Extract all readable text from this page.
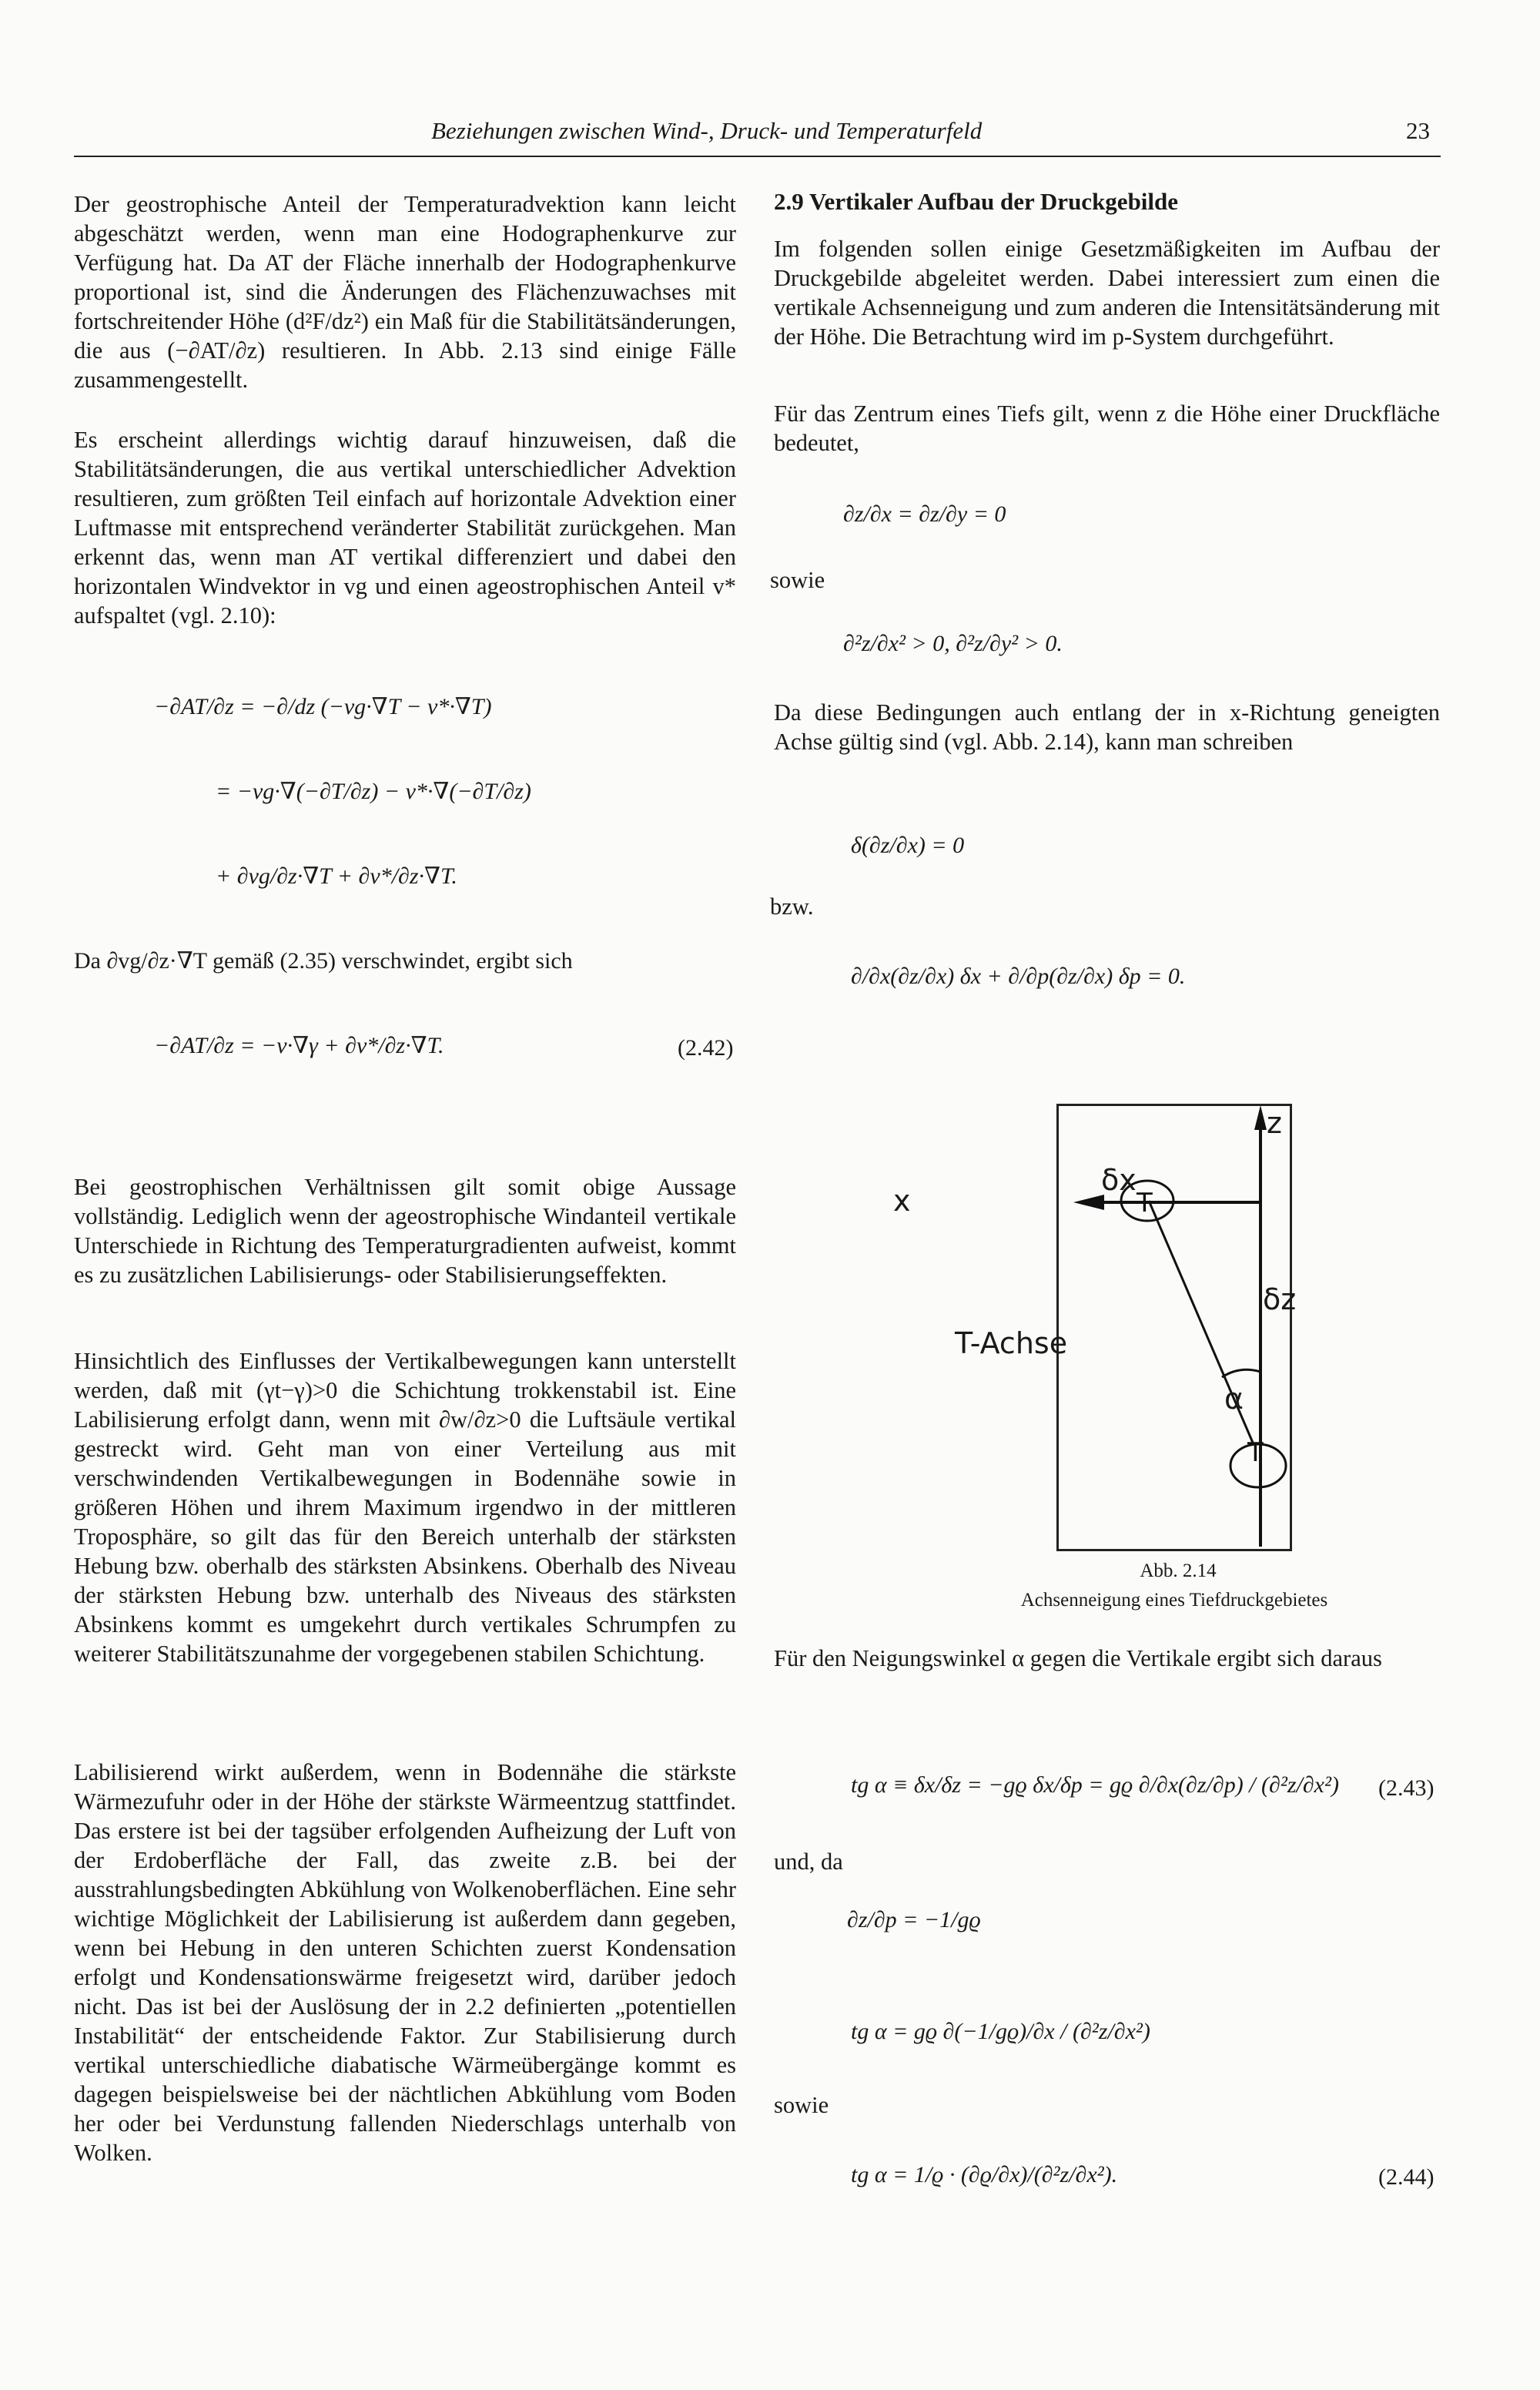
Beziehungen zwischen Wind-, Druck- und Temperaturfeld	23

Der geostrophische Anteil der Temperaturadvektion kann leicht abgeschätzt werden, wenn man eine Hodographenkurve zur Verfügung hat. Da AT der Fläche innerhalb der Hodographenkurve proportional ist, sind die Änderungen des Flächenzuwachses mit fortschreitender Höhe (d²F/dz²) ein Maß für die Stabilitätsänderungen, die aus (−∂AT/∂z) resultieren. In Abb. 2.13 sind einige Fälle zusammengestellt.

Es erscheint allerdings wichtig darauf hinzuweisen, daß die Stabilitätsänderungen, die aus vertikal unterschiedlicher Advektion resultieren, zum größten Teil einfach auf horizontale Advektion einer Luftmasse mit entsprechend veränderter Stabilität zurückgehen. Man erkennt das, wenn man AT vertikal differenziert und dabei den horizontalen Windvektor in vg und einen ageostrophischen Anteil v* aufspaltet (vgl. 2.10):

−∂AT/∂z = −∂/dz (−vg·∇T − v*·∇T)
= −vg·∇(−∂T/∂z) − v*·∇(−∂T/∂z)
+ ∂vg/∂z·∇T + ∂v*/∂z·∇T.
Da ∂vg/∂z·∇T gemäß (2.35) verschwindet, ergibt sich
−∂AT/∂z = −v·∇γ + ∂v*/∂z·∇T.	(2.42)

Bei geostrophischen Verhältnissen gilt somit obige Aussage vollständig. Lediglich wenn der ageostrophische Windanteil vertikale Unterschiede in Richtung des Temperaturgradienten aufweist, kommt es zu zusätzlichen Labilisierungs- oder Stabilisierungseffekten.

Hinsichtlich des Einflusses der Vertikalbewegungen kann unterstellt werden, daß mit (γt−γ)>0 die Schichtung trokkenstabil ist. Eine Labilisierung erfolgt dann, wenn mit ∂w/∂z>0 die Luftsäule vertikal gestreckt wird. Geht man von einer Verteilung aus mit verschwindenden Vertikalbewegungen in Bodennähe sowie in größeren Höhen und ihrem Maximum irgendwo in der mittleren Troposphäre, so gilt das für den Bereich unterhalb der stärksten Hebung bzw. oberhalb des stärksten Absinkens. Oberhalb des Niveau der stärksten Hebung bzw. unterhalb des Niveaus des stärksten Absinkens kommt es umgekehrt durch vertikales Schrumpfen zu weiterer Stabilitätszunahme der vorgegebenen stabilen Schichtung.

Labilisierend wirkt außerdem, wenn in Bodennähe die stärkste Wärmezufuhr oder in der Höhe der stärkste Wärmeentzug stattfindet. Das erstere ist bei der tagsüber erfolgenden Aufheizung der Luft von der Erdoberfläche der Fall, das zweite z.B. bei der ausstrahlungsbedingten Abkühlung von Wolkenoberflächen. Eine sehr wichtige Möglichkeit der Labilisierung ist außerdem dann gegeben, wenn bei Hebung in den unteren Schichten zuerst Kondensation erfolgt und Kondensationswärme freigesetzt wird, darüber jedoch nicht. Das ist bei der Auslösung der in 2.2 definierten „potentiellen Instabilität“ der entscheidende Faktor. Zur Stabilisierung durch vertikal unterschiedliche diabatische Wärmeübergänge kommt es dagegen beispielsweise bei der nächtlichen Abkühlung vom Boden her oder bei Verdunstung fallenden Niederschlags unterhalb von Wolken.

2.9 Vertikaler Aufbau der Druckgebilde

Im folgenden sollen einige Gesetzmäßigkeiten im Aufbau der Druckgebilde abgeleitet werden. Dabei interessiert zum einen die vertikale Achsenneigung und zum anderen die Intensitätsänderung mit der Höhe. Die Betrachtung wird im p-System durchgeführt.

Für das Zentrum eines Tiefs gilt, wenn z die Höhe einer Druckfläche bedeutet,

∂z/∂x = ∂z/∂y = 0
sowie
∂²z/∂x² > 0, ∂²z/∂y² > 0.

Da diese Bedingungen auch entlang der in x-Richtung geneigten Achse gültig sind (vgl. Abb. 2.14), kann man schreiben

δ(∂z/∂x) = 0
bzw.
∂/∂x(∂z/∂x) δx + ∂/∂p(∂z/∂x) δp = 0.
T
T
x
z
δx
δz
T-Achse
α
Abb. 2.14
Achsenneigung eines Tiefdruckgebietes

Für den Neigungswinkel α gegen die Vertikale ergibt sich daraus

tg α ≡ δx/δz = −gϱ δx/δp = gϱ ∂/∂x(∂z/∂p) / (∂²z/∂x²) (2.43)
und, da
∂z/∂p = −1/gϱ
tg α = gϱ ∂(−1/gϱ)/∂x / (∂²z/∂x²)
sowie
tg α = 1/ϱ · (∂ϱ/∂x)/(∂²z/∂x²).	(2.44)
